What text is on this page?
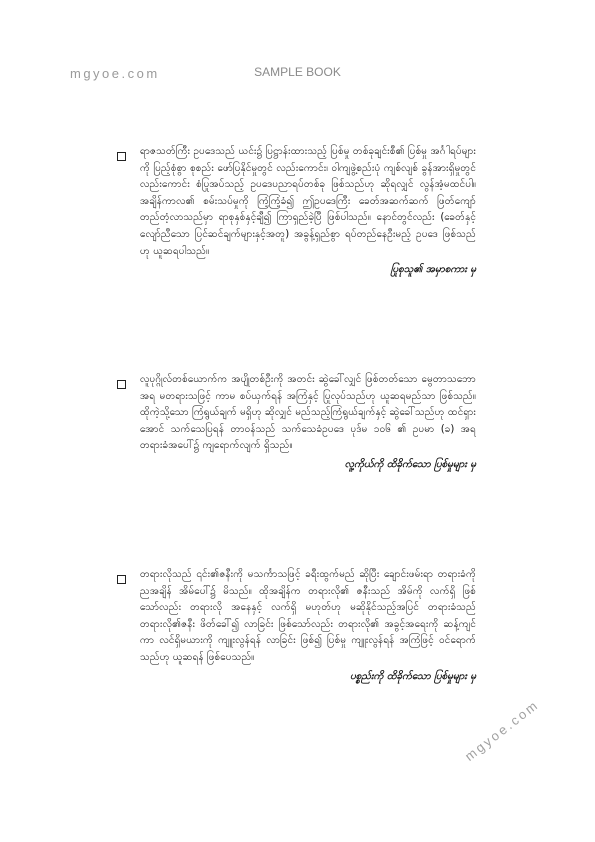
mgyoe.com	SAMPLE BOOK
ရာဇသတ်ကြီး ဥပဒေသည် ယင်း၌ ပြဋ္ဌာန်းထားသည့် ပြစ်မှု တစ်ခုချင်းစီ၏ ပြစ်မှု အင်္ဂါရပ်များကို ပြည့်စုံစွာ စုစည်း ဖော်ပြနိုင်မှုတွင် လည်းကောင်း၊ ဝါကျဖွဲ့စည်းပုံ ကျစ်လျစ် ခွန်အားရှိမှုတွင် လည်းကောင်း စံပြုအပ်သည့် ဥပဒေပညာရပ်တစ်ခု ဖြစ်သည်ဟု ဆိုရလျှင် လွန်အံ့မထင်ပါ။ အချိန်ကာလ၏ စမ်းသပ်မှုကို ကြံ့ကြံ့ခံ၍ ဤဥပဒေကြီး ခေတ်အဆက်ဆက် ဖြတ်ကျော် တည်တံ့လာသည်မှာ ရာစုနှစ်နှင့်ချီ၍ ကြာရှည်ခဲ့ပြီ ဖြစ်ပါသည်။ နောင်တွင်လည်း (ခေတ်နှင့် လျော်ညီသော ပြင်ဆင်ချက်များနှင့်အတူ) အခွန့်ရှည်စွာ ရပ်တည်နေဦးမည့် ဥပဒေ ဖြစ်သည်ဟု ယူဆရပါသည်။
ပြုစုသူ၏ အမှာစကား မှ
လူပုဂ္ဂိုလ်တစ်ယောက်က အပျိုတစ်ဦးကို အတင်း ဆွဲခေါ်လျှင် ဖြစ်တတ်သော မွေတာသဘောအရ မတရားသဖြင့် ကာမ စပ်ယှက်ရန် အကြံနှင့် ပြုလုပ်သည်ဟု ယူဆရမည်သာ ဖြစ်သည်။ ထိုကဲ့သို့သော ကြံရွယ်ချက် မရှိဟု ဆိုလျှင် မည်သည့်ကြံရွယ်ချက်နှင့် ဆွဲခေါ်သည်ဟု ထင်ရှားအောင် သက်သေပြရန် တာဝန်သည် သက်သေခံဥပဒေ ပုဒ်မ ၁၀၆ ၏ ဥပမာ (ခ) အရ တရားခံအပေါ်၌ ကျရောက်လျက် ရှိသည်။
လူ့ကိုယ်ကို ထိခိုက်သော ပြစ်မှုများ မှ
တရားလိုသည် ၎င်း၏ဇနီးကို မသင်္ကာသဖြင့် ခရီးထွက်မည် ဆိုပြီး ချောင်းဖမ်းရာ တရားခံကို ညအချိန် အိမ်ပေါ်၌ မိသည်။ ထိုအချိန်က တရားလို၏ ဇနီးသည် အိမ်ကို လက်ရှိ ဖြစ်သော်လည်း တရားလို အနေနှင့် လက်ရှိ မဟုတ်ဟု မဆိုနိုင်သည့်အပြင် တရားခံသည် တရားလို၏ဇနီး ဖိတ်ခေါ်၍ လာခြင်း ဖြစ်သော်လည်း တရားလို၏ အခွင့်အရေးကို ဆန့်ကျင်ကာ လင်ရှိမယားကို ကျူးလွန်ရန် လာခြင်း ဖြစ်၍ ပြစ်မှု ကျူးလွန်ရန် အကြံဖြင့် ဝင်ရောက်သည်ဟု ယူဆရန် ဖြစ်ပေသည်။
ပစ္စည်းကို ထိခိုက်သော ပြစ်မှုများ မှ
mgyoe.com
